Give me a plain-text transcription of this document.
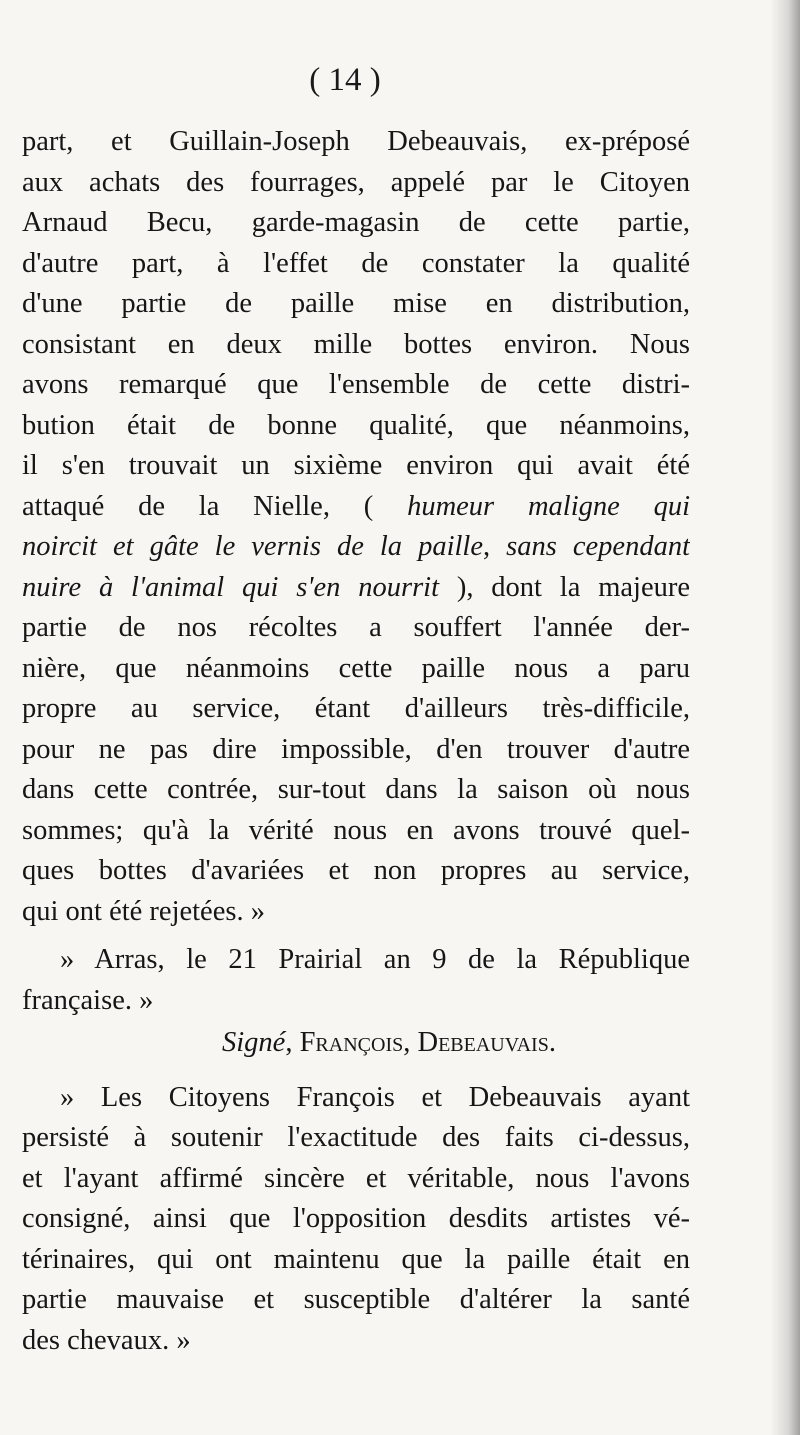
( 14 )
part, et Guillain-Joseph Debeauvais, ex-préposé
aux achats des fourrages, appelé par le Citoyen
Arnaud Becu, garde-magasin de cette partie,
d'autre part, à l'effet de constater la qualité
d'une partie de paille mise en distribution,
consistant en deux mille bottes environ. Nous
avons remarqué que l'ensemble de cette distri-
bution était de bonne qualité, que néanmoins,
il s'en trouvait un sixième environ qui avait été
attaqué de la Nielle, ( humeur maligne qui
noircit et gâte le vernis de la paille, sans cependant
nuire à l'animal qui s'en nourrit ), dont la majeure
partie de nos récoltes a souffert l'année der-
nière, que néanmoins cette paille nous a paru
propre au service, étant d'ailleurs très-difficile,
pour ne pas dire impossible, d'en trouver d'autre
dans cette contrée, sur-tout dans la saison où nous
sommes; qu'à la vérité nous en avons trouvé quel-
ques bottes d'avariées et non propres au service,
qui ont été rejetées. »
» Arras, le 21 Prairial an 9 de la République
française. »
Signé, François, Debeauvais.
» Les Citoyens François et Debeauvais ayant
persisté à soutenir l'exactitude des faits ci-dessus,
et l'ayant affirmé sincère et véritable, nous l'avons
consigné, ainsi que l'opposition desdits artistes vé-
térinaires, qui ont maintenu que la paille était en
partie mauvaise et susceptible d'altérer la santé
des chevaux. »
